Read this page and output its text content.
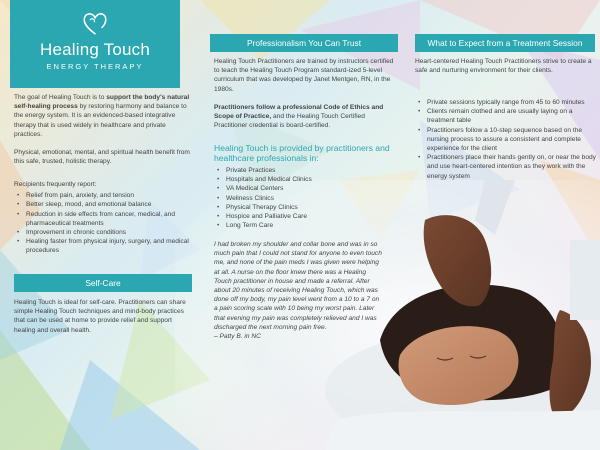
Healing Touch
ENERGY THERAPY

The goal of Healing Touch is to support the body's natural self-healing process by restoring harmony and balance to the energy system. It is an evidenced-based integrative therapy that is used widely in healthcare and private practices.

Physical, emotional, mental, and spiritual health benefit from this safe, trusted, holistic therapy.

Recipients frequently report:
• Relief from pain, anxiety, and tension
• Better sleep, mood, and emotional balance
• Reduction in side effects from cancer, medical, and pharmaceutical treatments
• Improvement in chronic conditions
• Healing faster from physical injury, surgery, and medical procedures
Self-Care

Healing Touch is ideal for self-care. Practitioners can share simple Healing Touch techniques and mind-body practices that can be used at home to provide relief and support healing and overall health.

Professionalism You Can Trust

Healing Touch Practitioners are trained by instructors certified to teach the Healing Touch Program standard-ized 5-level curriculum that was developed by Janet Mentgen, RN, in the 1980s.

Practitioners follow a professional Code of Ethics and Scope of Practice, and the Healing Touch Certified Practitioner credential is board-certified.

Healing Touch is provided by practitioners and healthcare professionals in:
• Private Practices
• Hospitals and Medical Clinics
• VA Medical Centers
• Wellness Clinics
• Physical Therapy Clinics
• Hospice and Palliative Care
• Long Term Care
I had broken my shoulder and collar bone and was in so much pain that I could not stand for anyone to even touch me, and none of the pain meds I was given were helping at all. A nurse on the floor knew there was a Healing Touch practitioner in house and made a referral. After about 20 minutes of receiving Healing Touch, which was done off my body, my pain level went from a 10 to a 7 on a pain scoring scale with 10 being my worst pain. Later that evening my pain was completely relieved and I was discharged the next morning pain free.
– Patty B. in NC
What to Expect from a Treatment Session

Heart-centered Healing Touch Practitioners strive to create a safe and nurturing environment for their clients.

• Private sessions typically range from 45 to 60 minutes
• Clients remain clothed and are usually laying on a treatment table
• Practitioners follow a 10-step sequence based on the nursing process to assure a consistent and complete experience for the client
• Practitioners place their hands gently on, or near the body and use heart-centered intention as they work with the energy system
